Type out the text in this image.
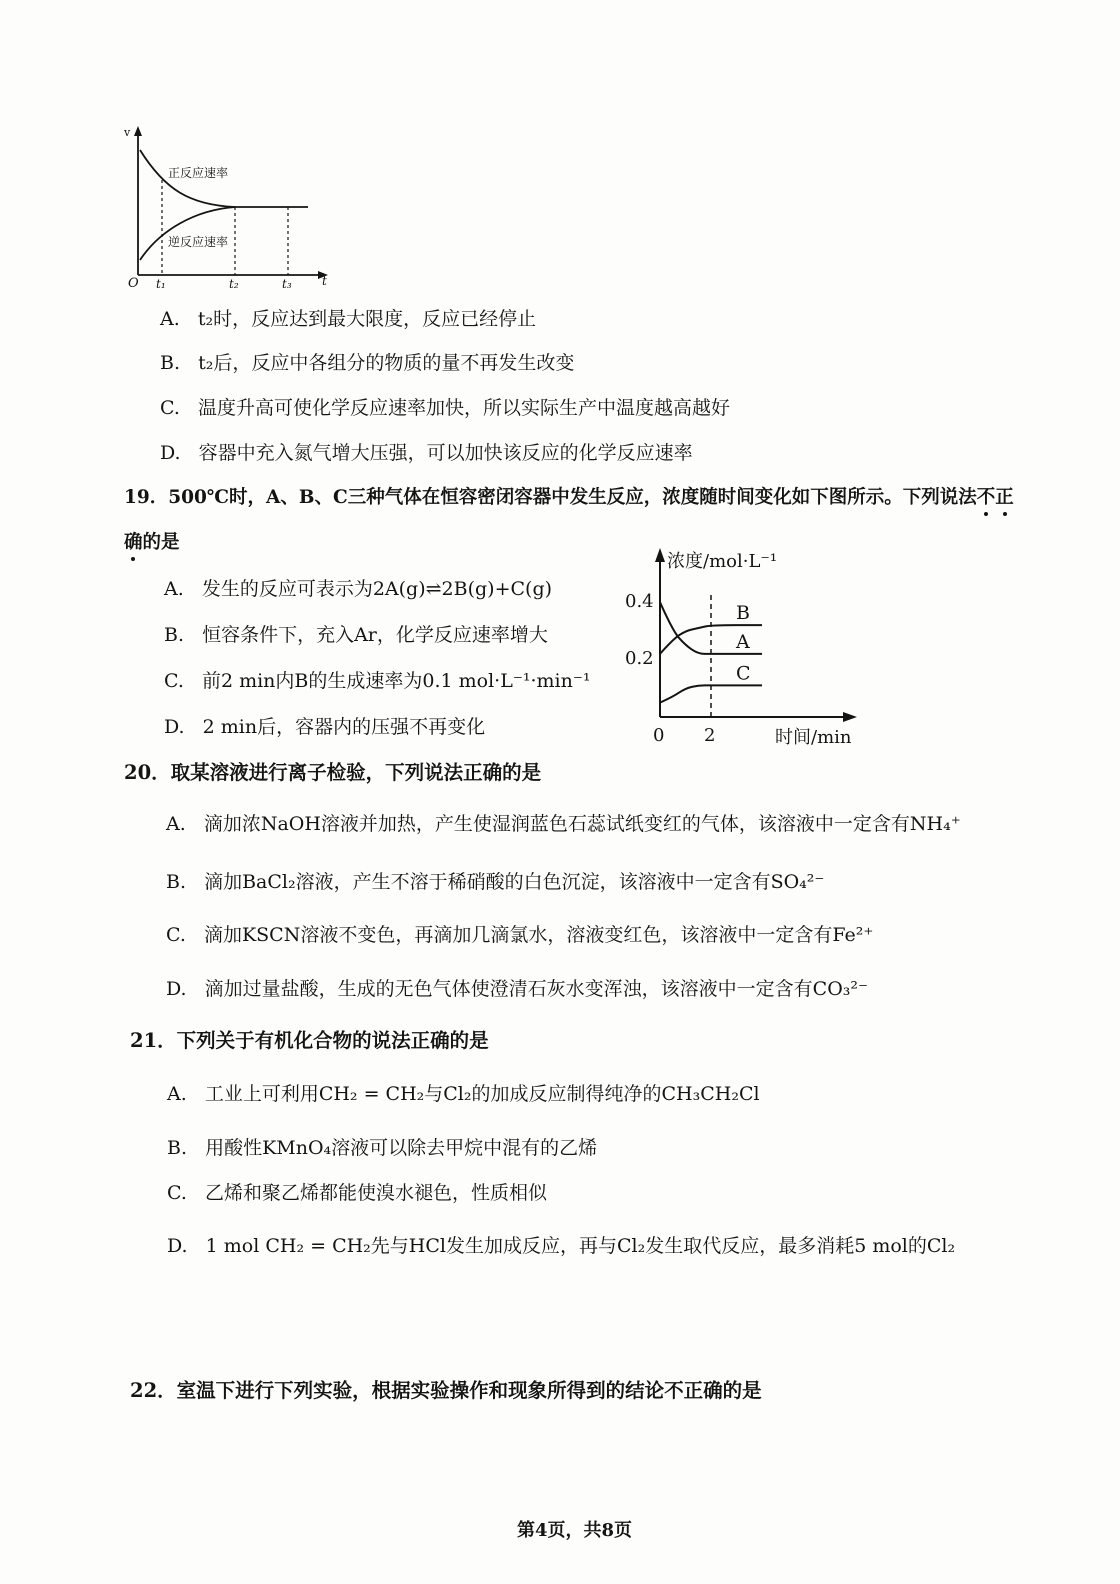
v
O
正反应速率
逆反应速率
t₁	t₂	t₃	t
A. t₂时，反应达到最大限度，反应已经停止
B. t₂后，反应中各组分的物质的量不再发生改变
C. 温度升高可使化学反应速率加快，所以实际生产中温度越高越好
D. 容器中充入氮气增大压强，可以加快该反应的化学反应速率
19．500℃时，A、B、C三种气体在恒容密闭容器中发生反应，浓度随时间变化如下图所示。下列说法不正
确的是
A. 发生的反应可表示为2A(g)⇌2B(g)+C(g)
B. 恒容条件下，充入Ar，化学反应速率增大
C. 前2 min内B的生成速率为0.1 mol·L⁻¹·min⁻¹
D. 2 min后，容器内的压强不再变化
B
A
C
浓度/mol·L⁻¹
0.4
0.2
0 2	时间/min
20．取某溶液进行离子检验，下列说法正确的是
A. 滴加浓NaOH溶液并加热，产生使湿润蓝色石蕊试纸变红的气体，该溶液中一定含有NH₄⁺
B. 滴加BaCl₂溶液，产生不溶于稀硝酸的白色沉淀，该溶液中一定含有SO₄²⁻
C. 滴加KSCN溶液不变色，再滴加几滴氯水，溶液变红色，该溶液中一定含有Fe²⁺
D. 滴加过量盐酸，生成的无色气体使澄清石灰水变浑浊，该溶液中一定含有CO₃²⁻
21．下列关于有机化合物的说法正确的是
A. 工业上可利用CH₂ = CH₂与Cl₂的加成反应制得纯净的CH₃CH₂Cl
B. 用酸性KMnO₄溶液可以除去甲烷中混有的乙烯
C. 乙烯和聚乙烯都能使溴水褪色，性质相似
D. 1 mol CH₂ = CH₂先与HCl发生加成反应，再与Cl₂发生取代反应，最多消耗5 mol的Cl₂
22．室温下进行下列实验，根据实验操作和现象所得到的结论不正确的是
第4页，共8页
